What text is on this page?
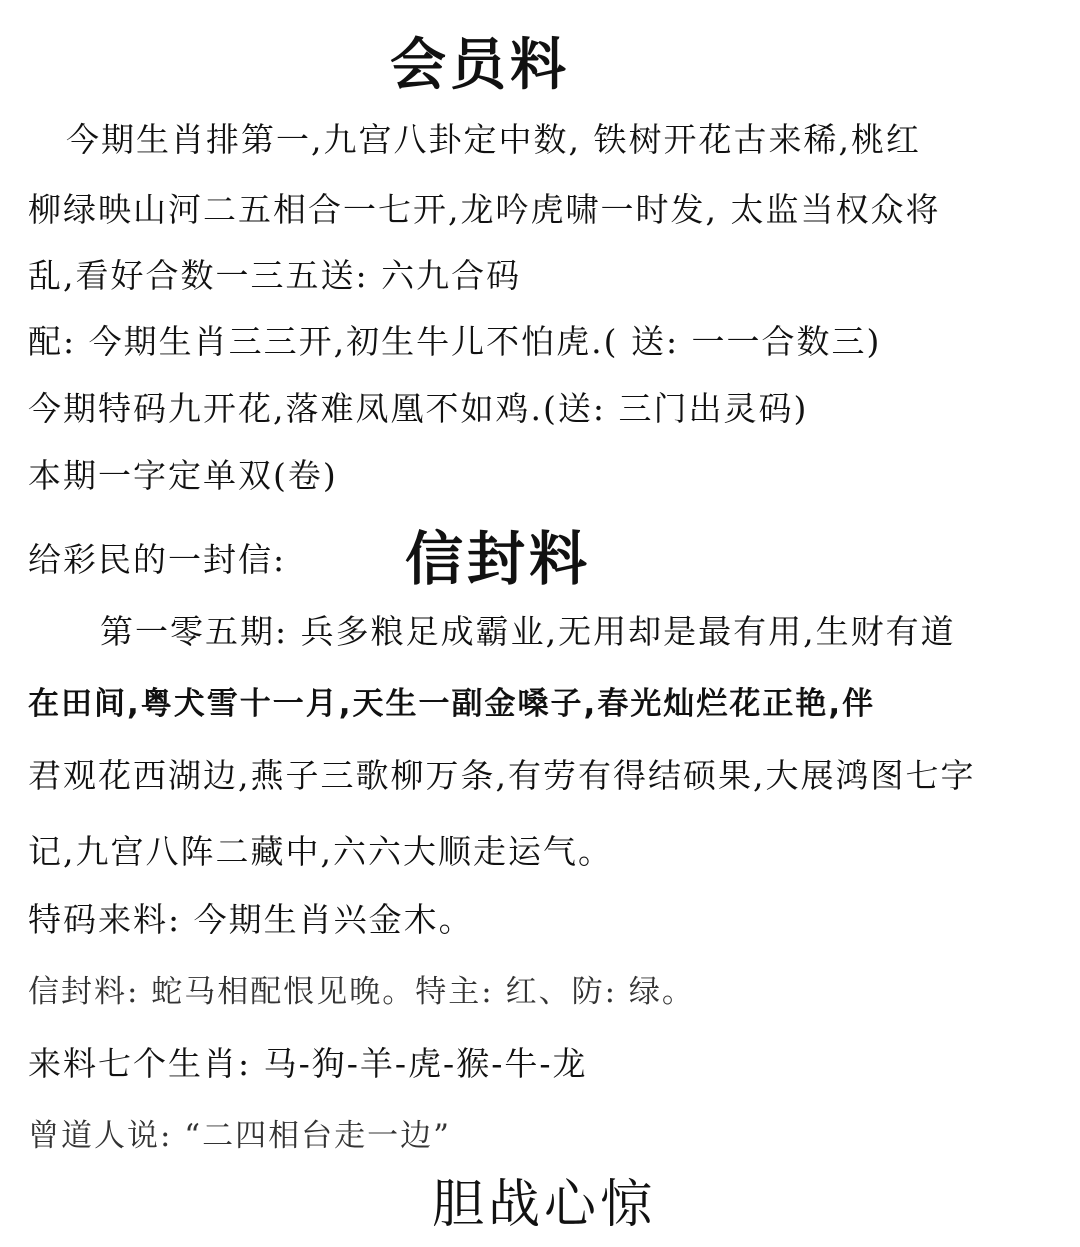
会员料
今期生肖排第一,九宫八卦定中数, 铁树开花古来稀,桃红
柳绿映山河二五相合一七开,龙吟虎啸一时发, 太监当权众将
乱,看好合数一三五送: 六九合码
配: 今期生肖三三开,初生牛儿不怕虎.( 送: 一一合数三)
今期特码九开花,落难凤凰不如鸡.(送: 三门出灵码)
本期一字定单双(卷)
给彩民的一封信: 信封料
第一零五期: 兵多粮足成霸业,无用却是最有用,生财有道
在田间,粤犬雪十一月,天生一副金嗓子,春光灿烂花正艳,伴
君观花西湖边,燕子三歌柳万条,有劳有得结硕果,大展鸿图七字
记,九宫八阵二藏中,六六大顺走运气。
特码来料: 今期生肖兴金木。
信封料: 蛇马相配恨见晚。特主: 红、防: 绿。
来料七个生肖: 马-狗-羊-虎-猴-牛-龙
曾道人说: “二四相台走一边”
胆战心惊
